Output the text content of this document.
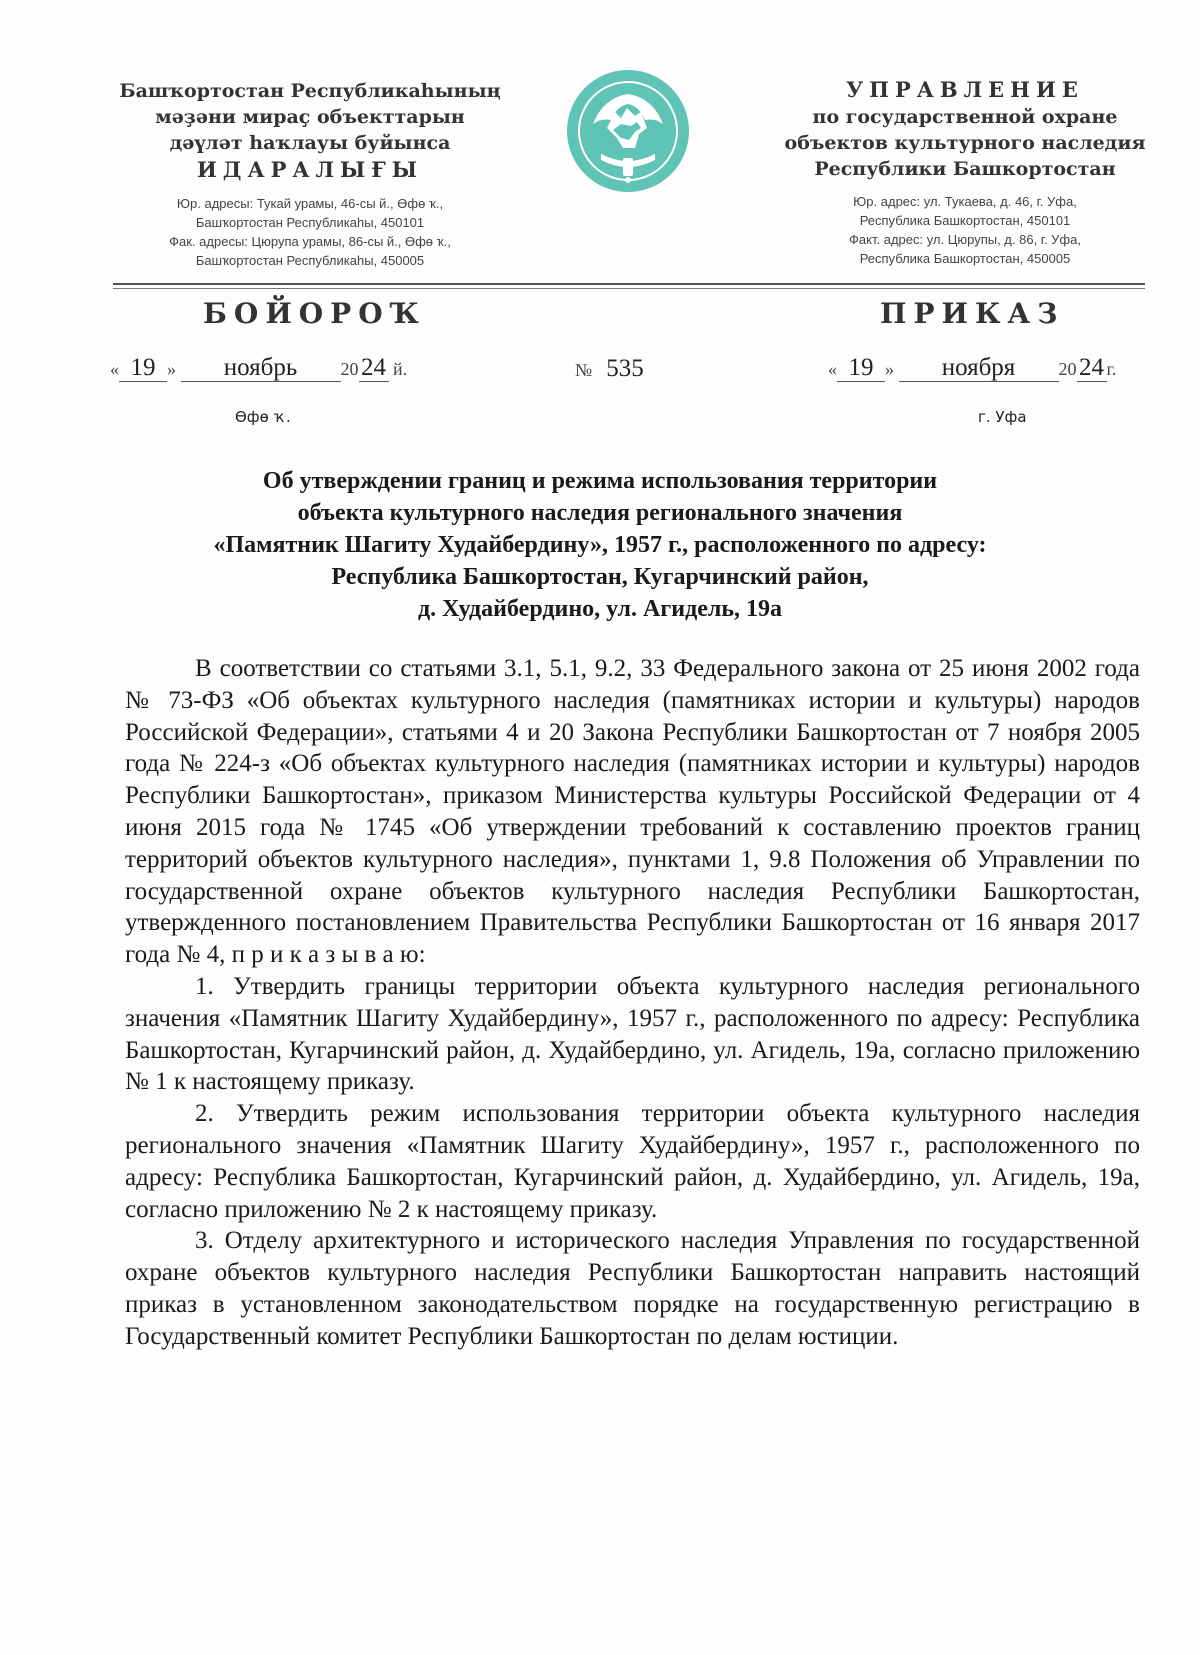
Башҡортостан Республикаһының
мәҙәни мираҫ объекттарын
дәүләт һаҡлауы буйынса
ИДАРАЛЫҒЫ
Юр. адресы: Тукай урамы, 46-сы й., Өфө ҡ.,
Башҡортостан Республикаһы, 450101
Фак. адресы: Цюрупа урамы, 86-сы й., Өфө ҡ.,
Башҡортостан Республикаһы, 450005
УПРАВЛЕНИЕ
по государственной охране
объектов культурного наследия
Республики Башкортостан
Юр. адрес: ул. Тукаева, д. 46, г. Уфа,
Республика Башкортостан, 450101
Факт. адрес: ул. Цюрупы, д. 86, г. Уфа,
Республика Башкортостан, 450005
БОЙОРОҠ	ПРИКАЗ
« 19 » ноябрь 20 24 й.	№ 535	« 19 » ноября 20 24 г.
Өфө ҡ.	г. Уфа
Об утверждении границ и режима использования территории
объекта культурного наследия регионального значения
«Памятник Шагиту Худайбердину», 1957 г., расположенного по адресу:
Республика Башкортостан, Кугарчинский район,
д. Худайбердино, ул. Агидель, 19а

В соответствии со статьями 3.1, 5.1, 9.2, 33 Федерального закона от 25 июня 2002 года № 73-ФЗ «Об объектах культурного наследия (памятниках истории и культуры) народов Российской Федерации», статьями 4 и 20 Закона Республики Башкортостан от 7 ноября 2005 года № 224-з «Об объектах культурного наследия (памятниках истории и культуры) народов Республики Башкортостан», приказом Министерства культуры Российской Федерации от 4 июня 2015 года № 1745 «Об утверждении требований к составлению проектов границ территорий объектов культурного наследия», пунктами 1, 9.8 Положения об Управлении по государственной охране объектов культурного наследия Республики Башкортостан, утвержденного постановлением Правительства Республики Башкортостан от 16 января 2017 года № 4, п р и к а з ы в а ю:

1. Утвердить границы территории объекта культурного наследия регионального значения «Памятник Шагиту Худайбердину», 1957 г., расположенного по адресу: Республика Башкортостан, Кугарчинский район, д. Худайбердино, ул. Агидель, 19а, согласно приложению № 1 к настоящему приказу.

2. Утвердить режим использования территории объекта культурного наследия регионального значения «Памятник Шагиту Худайбердину», 1957 г., расположенного по адресу: Республика Башкортостан, Кугарчинский район, д. Худайбердино, ул. Агидель, 19а, согласно приложению № 2 к настоящему приказу.

3. Отделу архитектурного и исторического наследия Управления по государственной охране объектов культурного наследия Республики Башкортостан направить настоящий приказ в установленном законодательством порядке на государственную регистрацию в Государственный комитет Республики Башкортостан по делам юстиции.
